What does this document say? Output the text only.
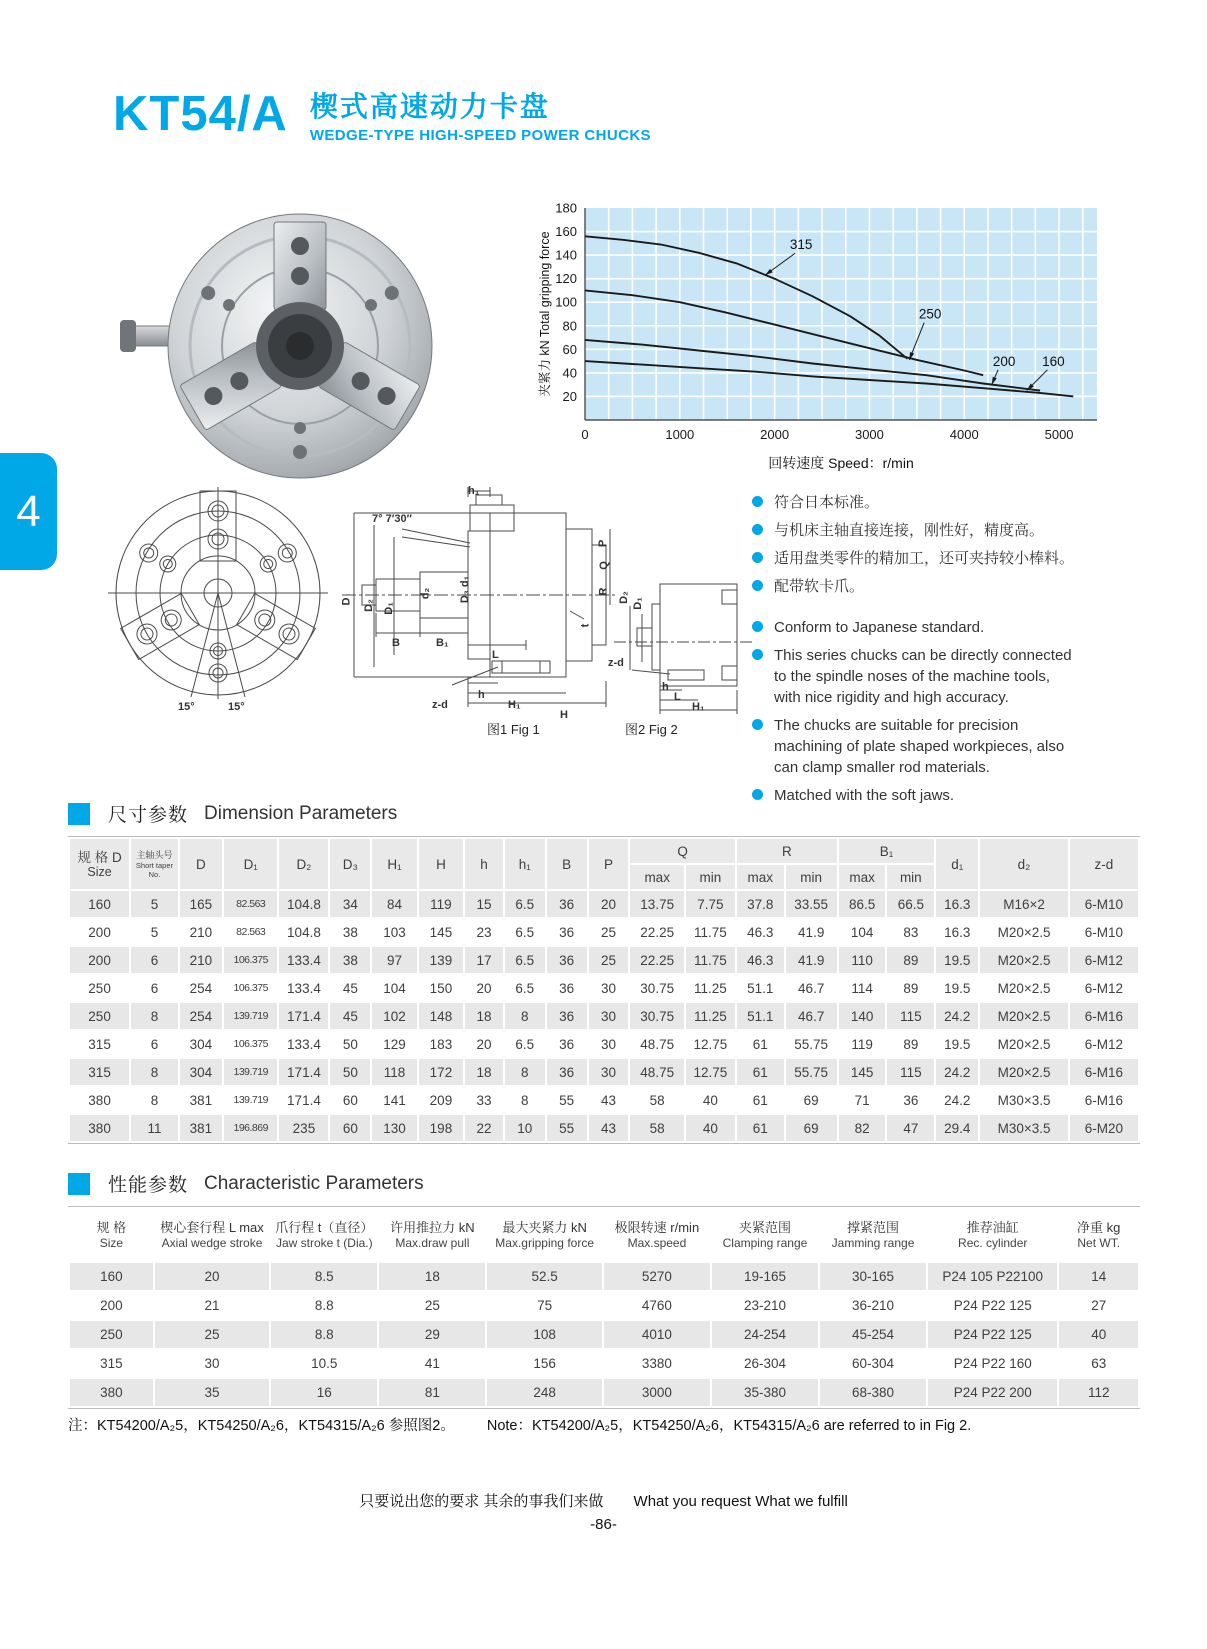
KT54/A 楔式高速动力卡盘
WEDGE-TYPE HIGH-SPEED POWER CHUCKS
4
20
40
60
80
100
120
140
160
180
0	1000	2000	3000	4000	5000
315
250
200 160
回转速度 Speed：r/min
夹紧力 kN Total gripping force
15°	15°
h₁
7° 7′30″
D D₂ D₁
d₂	D₃ d₁
B	B₁
L
z-d
h
H₁
H
t
P
Q
R D₂ D₁
z-d
h
L
H₁
图1 Fig 1	图2 Fig 2
符合日本标准。
与机床主轴直接连接，刚性好，精度高。
适用盘类零件的精加工，还可夹持较小棒料。
配带软卡爪。
Conform to Japanese standard.
This series chucks can be directly connected to the spindle noses of the machine tools, with nice rigidity and high accuracy.
The chucks are suitable for precision machining of plate shaped workpieces, also can clamp smaller rod materials.
Matched with the soft jaws.
尺寸参数 Dimension Parameters
规 格 D
Size

主轴头号
Short taper No.
	D	D₁	D₂	D₃	H₁	H	h	h₁	B	P	Q	R	B₁	d₁	d₂	z-d
												max	min	max	min	max	min			
160	5	165	82.563	104.8	34	84	119	15	6.5	36	20	13.75	7.75	37.8	33.55	86.5	66.5	16.3	M16×2	6-M10
200	5	210	82.563	104.8	38	103	145	23	6.5	36	25	22.25	11.75	46.3	41.9	104	83	16.3	M20×2.5	6-M10
200	6	210	106.375	133.4	38	97	139	17	6.5	36	25	22.25	11.75	46.3	41.9	110	89	19.5	M20×2.5	6-M12
250	6	254	106.375	133.4	45	104	150	20	6.5	36	30	30.75	11.25	51.1	46.7	114	89	19.5	M20×2.5	6-M12
250	8	254	139.719	171.4	45	102	148	18	8	36	30	30.75	11.25	51.1	46.7	140	115	24.2	M20×2.5	6-M16
315	6	304	106.375	133.4	50	129	183	20	6.5	36	30	48.75	12.75	61	55.75	119	89	19.5	M20×2.5	6-M12
315	8	304	139.719	171.4	50	118	172	18	8	36	30	48.75	12.75	61	55.75	145	115	24.2	M20×2.5	6-M16
380	8	381	139.719	171.4	60	141	209	33	8	55	43	58	40	61	69	71	36	24.2	M30×3.5	6-M16
380	11	381	196.869	235	60	130	198	22	10	55	43	58	40	61	69	82	47	29.4	M30×3.5	6-M20
性能参数 Characteristic Parameters
规 格
Size

楔心套行程 L max
Axial wedge stroke

爪行程 t（直径）
Jaw stroke t (Dia.)

许用推拉力 kN
Max.draw pull

最大夹紧力 kN
Max.gripping force

极限转速 r/min
Max.speed

夹紧范围
Clamping range

撑紧范围
Jamming range

推荐油缸
Rec. cylinder

净重 kg
Net WT.

160	20	8.5	18	52.5	5270	19-165	30-165	P24 105 P22100	14
200	21	8.8	25	75	4760	23-210	36-210	P24 P22 125	27
250	25	8.8	29	108	4010	24-254	45-254	P24 P22 125	40
315	30	10.5	41	156	3380	26-304	60-304	P24 P22 160	63
380	35	16	81	248	3000	35-380	68-380	P24 P22 200	112
注：KT54200/A₂5，KT54250/A₂6，KT54315/A₂6 参照图2。 Note：KT54200/A₂5，KT54250/A₂6，KT54315/A₂6 are referred to in Fig 2.
只要说出您的要求 其余的事我们来做 What you request What we fulfill
-86-
